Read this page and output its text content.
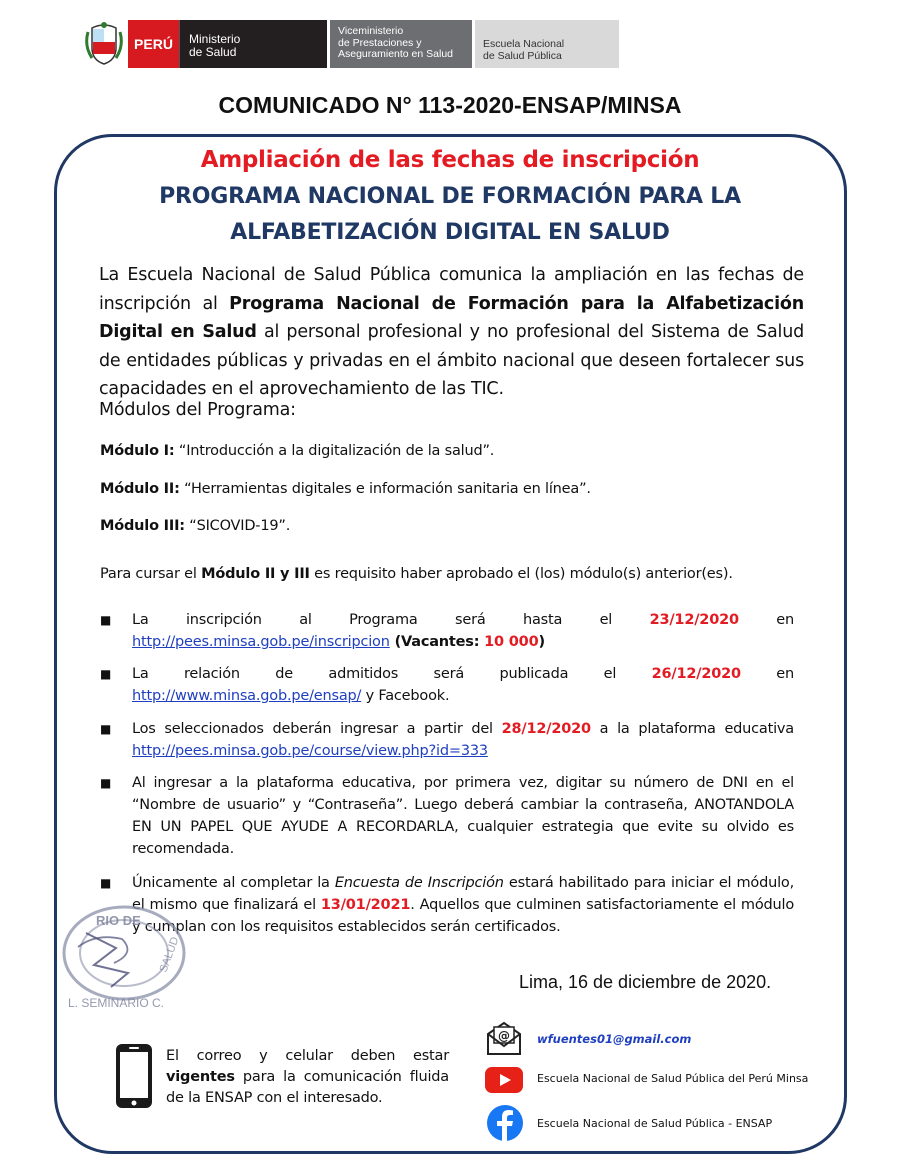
PERÚ Ministerio
de Salud
Viceministerio
de Prestaciones y
Aseguramiento en Salud
Escuela Nacional
de Salud Pública
COMUNICADO N° 113-2020-ENSAP/MINSA
Ampliación de las fechas de inscripción
PROGRAMA NACIONAL DE FORMACIÓN PARA LA
ALFABETIZACIÓN DIGITAL EN SALUD
La Escuela Nacional de Salud Pública comunica la ampliación en las fechas de inscripción al Programa Nacional de Formación para la Alfabetización Digital en Salud al personal profesional y no profesional del Sistema de Salud de entidades públicas y privadas en el ámbito nacional que deseen fortalecer sus capacidades en el aprovechamiento de las TIC.
Módulos del Programa:
Módulo I: “Introducción a la digitalización de la salud”.
Módulo II: “Herramientas digitales e información sanitaria en línea”.
Módulo III: “SICOVID-19”.
Para cursar el Módulo II y III es requisito haber aprobado el (los) módulo(s) anterior(es).
■	La inscripción al Programa será hasta el 23/12/2020 en
http://pees.minsa.gob.pe/inscripcion (Vacantes: 10 000)
■	La relación de admitidos será publicada el 26/12/2020 en
http://www.minsa.gob.pe/ensap/ y Facebook.
■	Los seleccionados deberán ingresar a partir del 28/12/2020 a la plataforma educativa http://pees.minsa.gob.pe/course/view.php?id=333
■	Al ingresar a la plataforma educativa, por primera vez, digitar su número de DNI en el “Nombre de usuario” y “Contraseña”. Luego deberá cambiar la contraseña, ANOTANDOLA EN UN PAPEL QUE AYUDE A RECORDARLA, cualquier estrategia que evite su olvido es recomendada.
■	Únicamente al completar la Encuesta de Inscripción estará habilitado para iniciar el módulo, el mismo que finalizará el 13/01/2021. Aquellos que culminen satisfactoriamente el módulo y cumplan con los requisitos establecidos serán certificados.
RIO DE
SALUD
L. SEMINARIO C.
Lima, 16 de diciembre de 2020.
El correo y celular deben estar vigentes para la comunicación fluida de la ENSAP con el interesado.
@ wfuentes01@gmail.com
Escuela Nacional de Salud Pública del Perú Minsa
Escuela Nacional de Salud Pública - ENSAP
